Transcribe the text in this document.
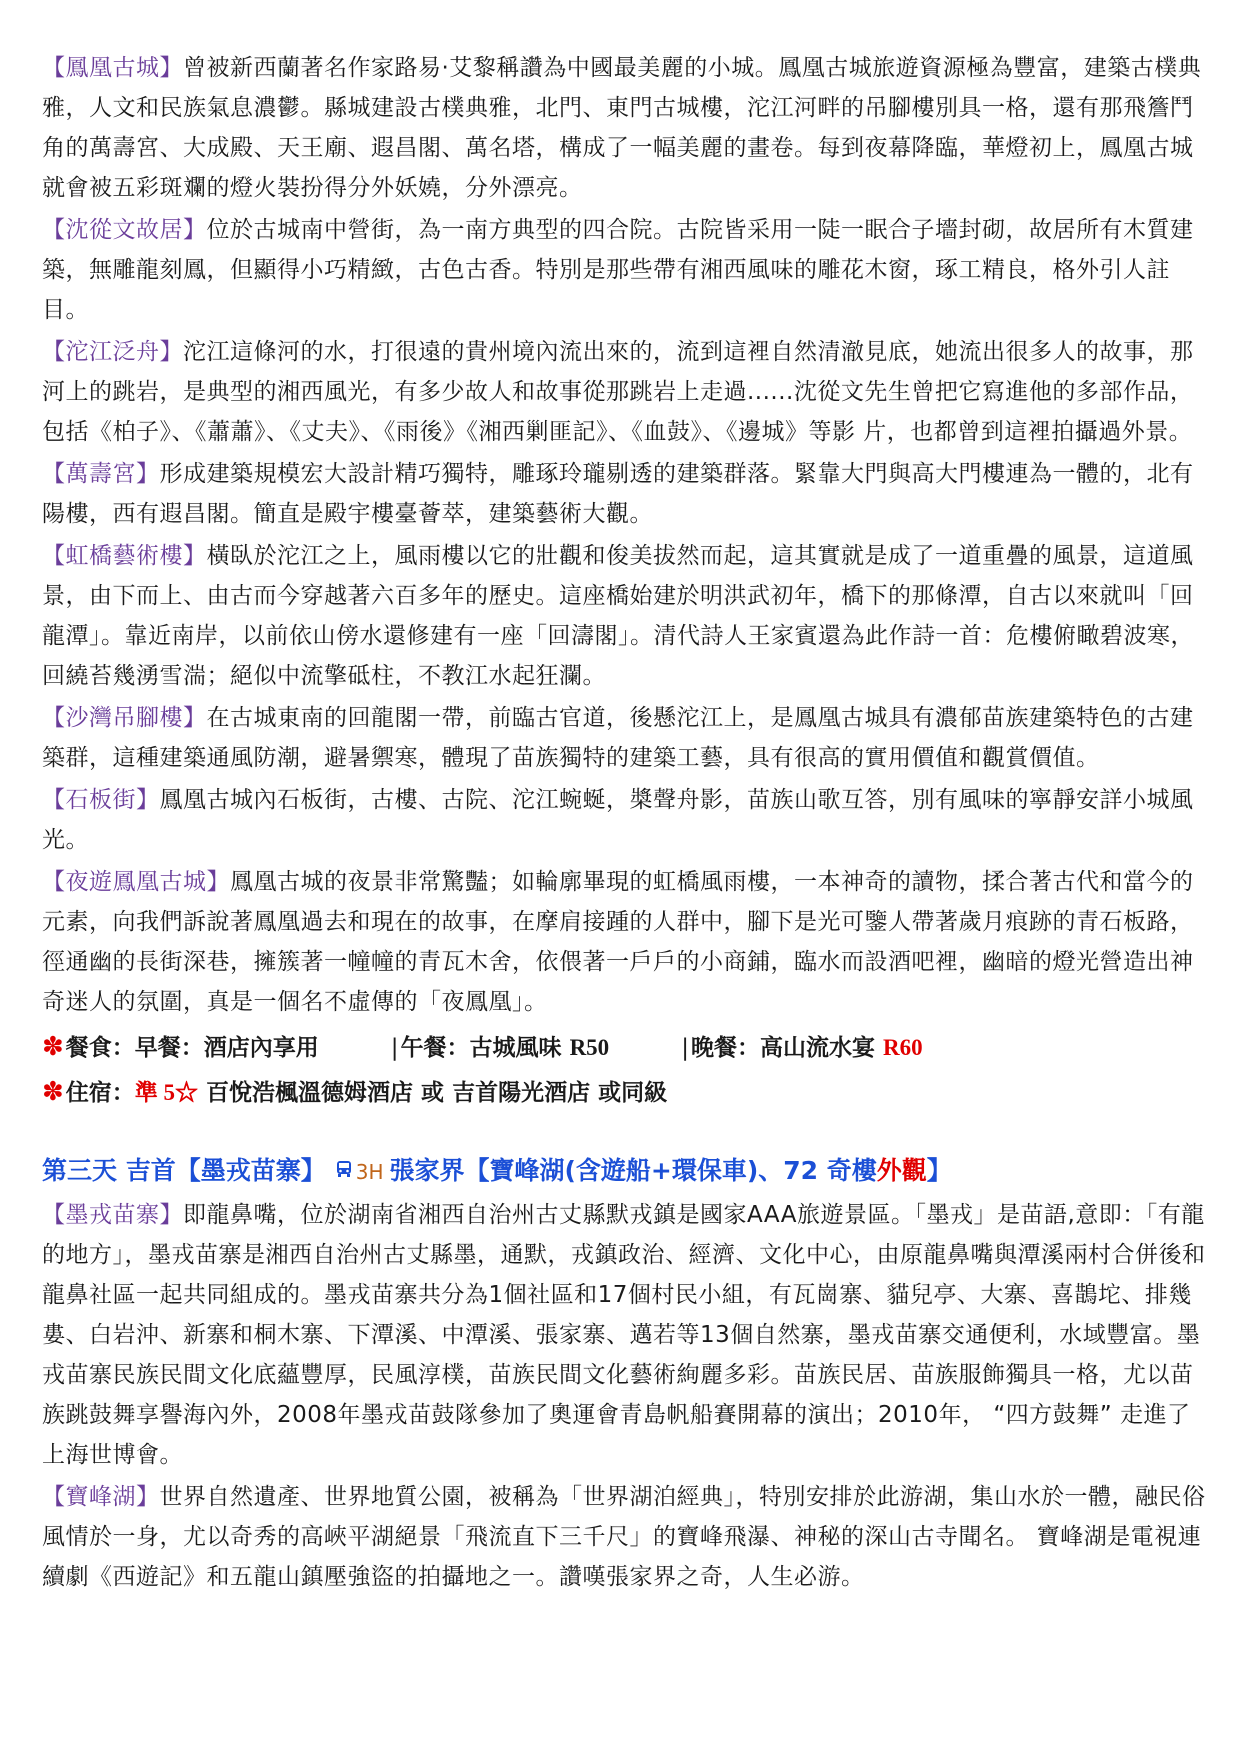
【鳳凰古城】曾被新西蘭著名作家路易·艾黎稱讚為中國最美麗的小城。鳳凰古城旅遊資源極為豐富，建築古樸典雅，人文和民族氣息濃鬱。縣城建設古樸典雅，北門、東門古城樓，沱江河畔的吊腳樓別具一格，還有那飛簷鬥角的萬壽宮、大成殿、天王廟、遐昌閣、萬名塔，構成了一幅美麗的畫卷。每到夜幕降臨，華燈初上，鳳凰古城就會被五彩斑斕的燈火裝扮得分外妖嬈，分外漂亮。

【沈從文故居】位於古城南中營街，為一南方典型的四合院。古院皆采用一陡一眠合子墻封砌，故居所有木質建築，無雕龍刻鳳，但顯得小巧精緻，古色古香。特別是那些帶有湘西風味的雕花木窗，琢工精良，格外引人註目。

【沱江泛舟】沱江這條河的水，打很遠的貴州境內流出來的，流到這裡自然清澈見底，她流出很多人的故事，那河上的跳岩，是典型的湘西風光，有多少故人和故事從那跳岩上走過......沈從文先生曾把它寫進他的多部作品，包括《柏子》、《蕭蕭》、《丈夫》、《雨後》《湘西剿匪記》、《血鼓》、《邊城》等影 片，也都曾到這裡拍攝過外景。

【萬壽宮】形成建築規模宏大設計精巧獨特，雕琢玲瓏剔透的建築群落。緊靠大門與高大門樓連為一體的，北有陽樓，西有遐昌閣。簡直是殿宇樓臺薈萃，建築藝術大觀。

【虹橋藝術樓】橫臥於沱江之上，風雨樓以它的壯觀和俊美拔然而起，這其實就是成了一道重疊的風景，這道風景，由下而上、由古而今穿越著六百多年的歷史。這座橋始建於明洪武初年，橋下的那條潭，自古以來就叫「回龍潭」。靠近南岸，以前依山傍水還修建有一座「回濤閣」。清代詩人王家賓還為此作詩一首：危樓俯瞰碧波寒，回繞苔幾湧雪湍；絕似中流擎砥柱，不教江水起狂瀾。

【沙灣吊腳樓】在古城東南的回龍閣一帶，前臨古官道，後懸沱江上，是鳳凰古城具有濃郁苗族建築特色的古建築群，這種建築通風防潮，避暑禦寒，體現了苗族獨特的建築工藝，具有很高的實用價值和觀賞價值。

【石板街】鳳凰古城內石板街，古樓、古院、沱江蜿蜒，槳聲舟影，苗族山歌互答，別有風味的寧靜安詳小城風光。

【夜遊鳳凰古城】鳳凰古城的夜景非常驚豔；如輪廓畢現的虹橋風雨樓，一本神奇的讀物，揉合著古代和當今的元素，向我們訴說著鳳凰過去和現在的故事，在摩肩接踵的人群中，腳下是光可鑒人帶著歲月痕跡的青石板路，徑通幽的長街深巷，擁簇著一幢幢的青瓦木舍，依偎著一戶戶的小商鋪，臨水而設酒吧裡，幽暗的燈光營造出神奇迷人的氛圍，真是一個名不虛傳的「夜鳳凰」。

✽餐食：早餐：酒店內享用	|午餐：古城風味 R50	|晚餐：高山流水宴 R60
✽住宿：準 5☆ 百悅浩楓溫德姆酒店 或 吉首陽光酒店 或同級
第三天 吉首【墨戎苗寨】 3H 張家界【寶峰湖(含遊船+環保車)、72 奇樓外觀】

【墨戎苗寨】即龍鼻嘴，位於湖南省湘西自治州古丈縣默戎鎮是國家AAA旅遊景區。「墨戎」是苗語,意即：「有龍的地方」，墨戎苗寨是湘西自治州古丈縣墨，通默，戎鎮政治、經濟、文化中心，由原龍鼻嘴與潭溪兩村合併後和龍鼻社區一起共同組成的。墨戎苗寨共分為1個社區和17個村民小組，有瓦崗寨、貓兒亭、大寨、喜鵲坨、排幾婁、白岩沖、新寨和桐木寨、下潭溪、中潭溪、張家寨、邁若等13個自然寨，墨戎苗寨交通便利，水域豐富。墨戎苗寨民族民間文化底蘊豐厚，民風淳樸，苗族民間文化藝術絢麗多彩。苗族民居、苗族服飾獨具一格，尤以苗族跳鼓舞享譽海內外，2008年墨戎苗鼓隊參加了奧運會青島帆船賽開幕的演出；2010年， “四方鼓舞” 走進了上海世博會。

【寶峰湖】世界自然遺產、世界地質公園，被稱為「世界湖泊經典」，特別安排於此游湖，集山水於一體，融民俗風情於一身，尤以奇秀的高峽平湖絕景「飛流直下三千尺」的寶峰飛瀑、神秘的深山古寺聞名。 寶峰湖是電視連續劇《西遊記》和五龍山鎮壓強盜的拍攝地之一。讚嘆張家界之奇，人生必游。
